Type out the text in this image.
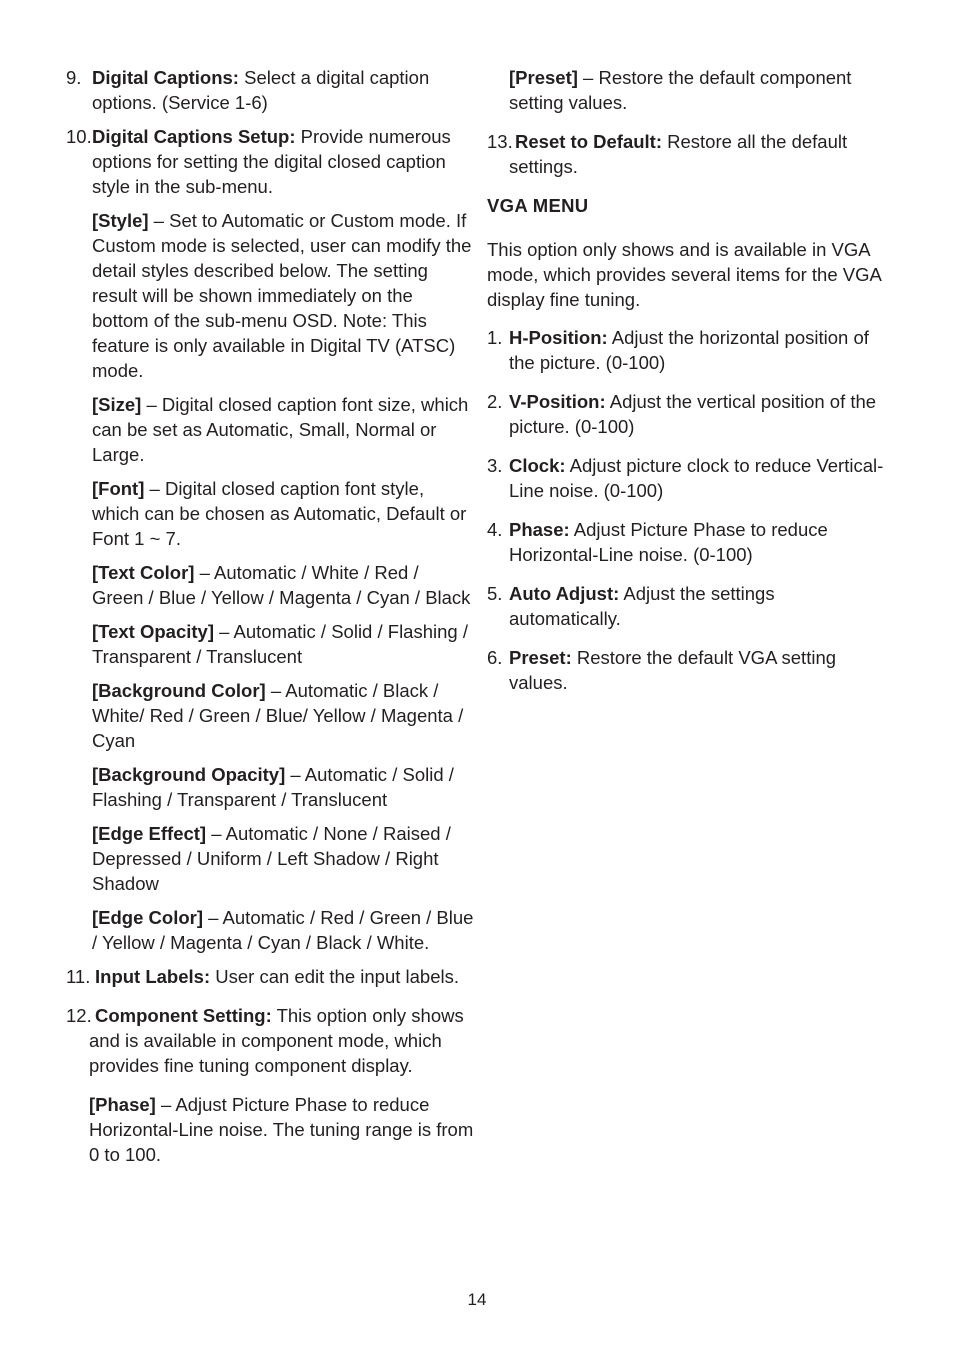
9. Digital Captions: Select a digital caption options. (Service 1-6)
10. Digital Captions Setup: Provide numerous options for setting the digital closed caption style in the sub-menu.
[Style] – Set to Automatic or Custom mode. If Custom mode is selected, user can modify the detail styles described below. The setting result will be shown immediately on the bottom of the sub-menu OSD. Note: This feature is only available in Digital TV (ATSC) mode.
[Size] – Digital closed caption font size, which can be set as Automatic, Small, Normal or Large.
[Font] – Digital closed caption font style, which can be chosen as Automatic, Default or Font 1 ~ 7.
[Text Color] – Automatic / White / Red / Green / Blue / Yellow / Magenta / Cyan / Black
[Text Opacity] – Automatic / Solid / Flashing / Transparent / Translucent
[Background Color] – Automatic / Black / White/ Red / Green / Blue/ Yellow / Magenta / Cyan
[Background Opacity] – Automatic / Solid / Flashing / Transparent / Translucent
[Edge Effect] – Automatic / None / Raised / Depressed / Uniform / Left Shadow / Right Shadow
[Edge Color] – Automatic / Red / Green / Blue / Yellow / Magenta / Cyan / Black / White.
11. Input Labels: User can edit the input labels.
12. Component Setting: This option only shows and is available in component mode, which provides fine tuning component display.
[Phase] – Adjust Picture Phase to reduce Horizontal-Line noise. The tuning range is from 0 to 100.
[Preset] – Restore the default component setting values.
13. Reset to Default: Restore all the default settings.
VGA MENU
This option only shows and is available in VGA mode, which provides several items for the VGA display fine tuning.
1. H-Position: Adjust the horizontal position of the picture. (0-100)
2. V-Position: Adjust the vertical position of the picture. (0-100)
3. Clock: Adjust picture clock to reduce Vertical-Line noise. (0-100)
4. Phase: Adjust Picture Phase to reduce Horizontal-Line noise. (0-100)
5. Auto Adjust: Adjust the settings automatically.
6. Preset: Restore the default VGA setting values.
14
